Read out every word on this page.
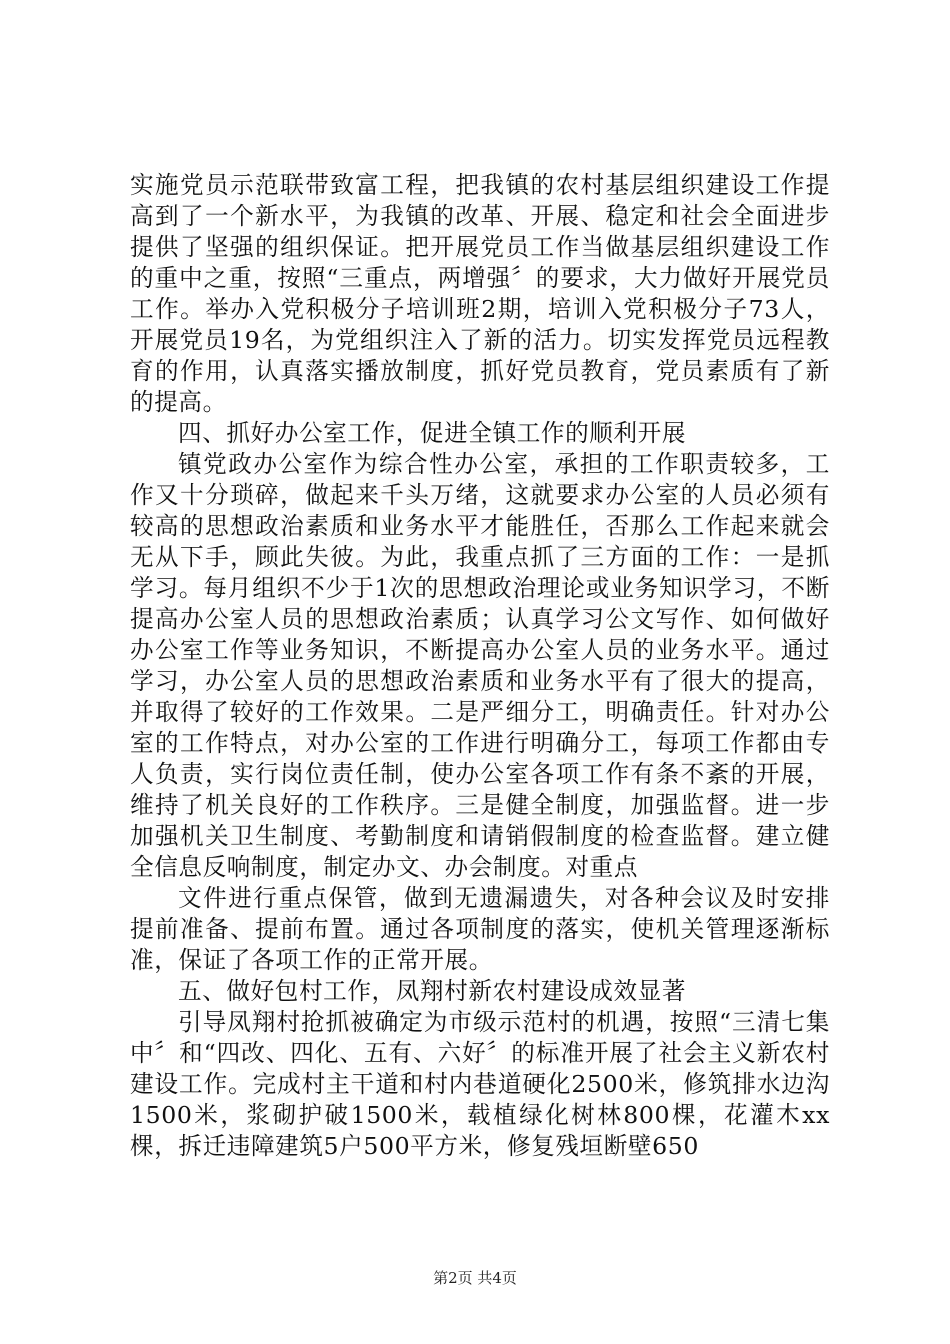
实施党员示范联带致富工程，把我镇的农村基层组织建设工作提高到了一个新水平，为我镇的改革、开展、稳定和社会全面进步提供了坚强的组织保证。把开展党员工作当做基层组织建设工作的重中之重，按照“三重点，两增强〞的要求，大力做好开展党员工作。举办入党积极分子培训班2期，培训入党积极分子73人，开展党员19名，为党组织注入了新的活力。切实发挥党员远程教育的作用，认真落实播放制度，抓好党员教育，党员素质有了新的提高。

四、抓好办公室工作，促进全镇工作的顺利开展

镇党政办公室作为综合性办公室，承担的工作职责较多，工作又十分琐碎，做起来千头万绪，这就要求办公室的人员必须有较高的思想政治素质和业务水平才能胜任，否那么工作起来就会无从下手，顾此失彼。为此，我重点抓了三方面的工作：一是抓学习。每月组织不少于1次的思想政治理论或业务知识学习，不断提高办公室人员的思想政治素质；认真学习公文写作、如何做好办公室工作等业务知识，不断提高办公室人员的业务水平。通过学习，办公室人员的思想政治素质和业务水平有了很大的提高，并取得了较好的工作效果。二是严细分工，明确责任。针对办公室的工作特点，对办公室的工作进行明确分工，每项工作都由专人负责，实行岗位责任制，使办公室各项工作有条不紊的开展，维持了机关良好的工作秩序。三是健全制度，加强监督。进一步加强机关卫生制度、考勤制度和请销假制度的检查监督。建立健全信息反响制度，制定办文、办会制度。对重点

文件进行重点保管，做到无遗漏遗失，对各种会议及时安排提前准备、提前布置。通过各项制度的落实，使机关管理逐渐标准，保证了各项工作的正常开展。

五、做好包村工作，凤翔村新农村建设成效显著

引导凤翔村抢抓被确定为市级示范村的机遇，按照“三清七集中〞和“四改、四化、五有、六好〞的标准开展了社会主义新农村建设工作。完成村主干道和村内巷道硬化2500米，修筑排水边沟1500米，浆砌护破1500米，载植绿化树林800棵，花灌木xx棵，拆迁违障建筑5户500平方米，修复残垣断壁650

第2页 共4页
